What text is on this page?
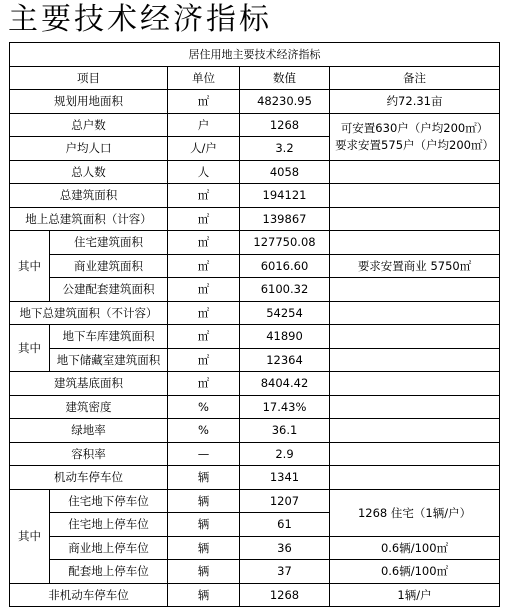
主要技术经济指标
居住用地主要技术经济指标				
项目		单位	数值	备注
规划用地面积		㎡	48230.95	约72.31亩
总户数		户	1268	可安置630户（户均200㎡）
要求安置575户（户均200㎡）

户均人口		人/户	3.2	
总人数		人	4058	
总建筑面积		㎡	194121	
地上总建筑面积（计容）		㎡	139867	
其中	住宅建筑面积	㎡	127750.08	
	商业建筑面积	㎡	6016.60	要求安置商业 5750㎡
	公建配套建筑面积	㎡	6100.32	
地下总建筑面积（不计容）		㎡	54254	
其中	地下车库建筑面积	㎡	41890	
	地下储藏室建筑面积	㎡	12364	
建筑基底面积		㎡	8404.42	
建筑密度		%	17.43%	
绿地率		%	36.1	
容积率		—	2.9	
机动车停车位		辆	1341	
其中	住宅地下停车位	辆	1207	1268 住宅（1辆/户）
	住宅地上停车位	辆	61	
	商业地上停车位	辆	36	0.6辆/100㎡
	配套地上停车位	辆	37	0.6辆/100㎡
非机动车停车位		辆	1268	1辆/户
